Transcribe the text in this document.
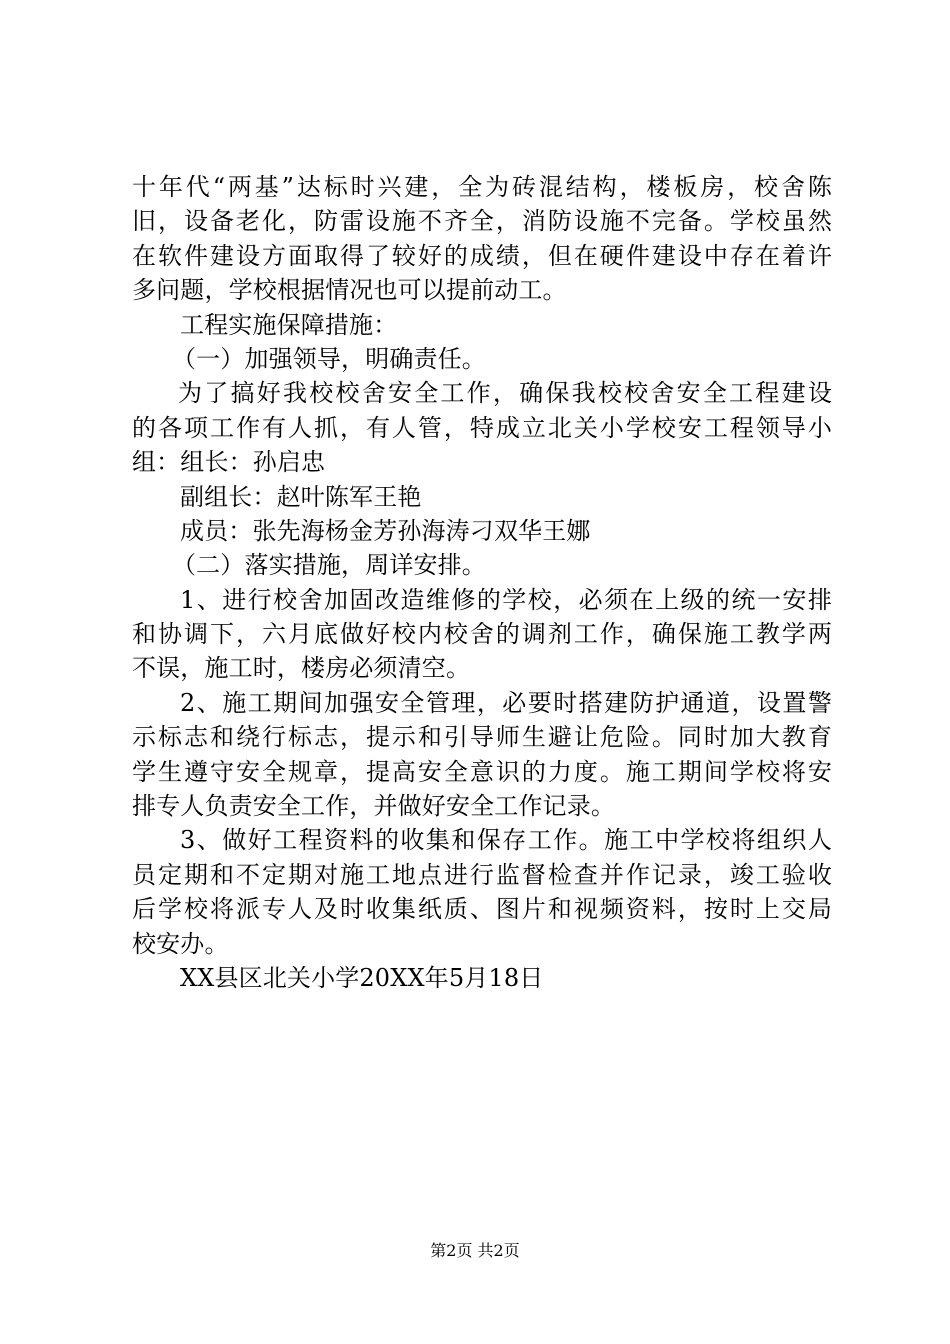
十年代“两基”达标时兴建，全为砖混结构，楼板房，校舍陈
旧，设备老化，防雷设施不齐全，消防设施不完备。学校虽然
在软件建设方面取得了较好的成绩，但在硬件建设中存在着许
多问题，学校根据情况也可以提前动工。
工程实施保障措施：
（一）加强领导，明确责任。
为了搞好我校校舍安全工作，确保我校校舍安全工程建设
的各项工作有人抓，有人管，特成立北关小学校安工程领导小
组：组长：孙启忠
副组长：赵叶陈军王艳
成员：张先海杨金芳孙海涛刁双华王娜
（二）落实措施，周详安排。
1、进行校舍加固改造维修的学校，必须在上级的统一安排
和协调下，六月底做好校内校舍的调剂工作，确保施工教学两
不误，施工时，楼房必须清空。
2、施工期间加强安全管理，必要时搭建防护通道，设置警
示标志和绕行标志，提示和引导师生避让危险。同时加大教育
学生遵守安全规章，提高安全意识的力度。施工期间学校将安
排专人负责安全工作，并做好安全工作记录。
3、做好工程资料的收集和保存工作。施工中学校将组织人
员定期和不定期对施工地点进行监督检查并作记录，竣工验收
后学校将派专人及时收集纸质、图片和视频资料，按时上交局
校安办。
XX县区北关小学20XX年5月18日
第2页 共2页
